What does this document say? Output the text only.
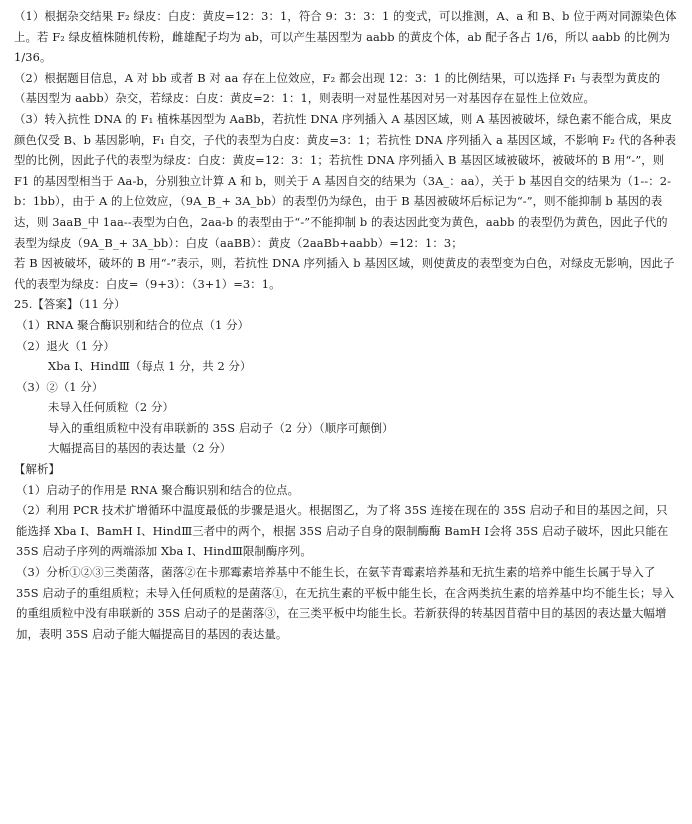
（1）根据杂交结果 F₂ 绿皮：白皮：黄皮=12：3：1，符合 9：3：3：1 的变式，可以推测，A、a 和 B、b 位于两对同源染色体上。若 F₂ 绿皮植株随机传粉，雌雄配子均为 ab，可以产生基因型为 aabb 的黄皮个体，ab 配子各占 1/6，所以 aabb 的比例为 1/36。

（2）根据题目信息，A 对 bb 或者 B 对 aa 存在上位效应，F₂ 都会出现 12：3：1 的比例结果，可以选择 F₁ 与表型为黄皮的（基因型为 aabb）杂交，若绿皮：白皮：黄皮=2：1：1，则表明一对显性基因对另一对基因存在显性上位效应。

（3）转入抗性 DNA 的 F₁ 植株基因型为 AaBb，若抗性 DNA 序列插入 A 基因区域，则 A 基因被破坏，绿色素不能合成，果皮颜色仅受 B、b 基因影响，F₁ 自交，子代的表型为白皮：黄皮=3：1；若抗性 DNA 序列插入 a 基因区域，不影响 F₂ 代的各种表型的比例，因此子代的表型为绿皮：白皮：黄皮=12：3：1；若抗性 DNA 序列插入 B 基因区域被破坏，被破坏的 B 用“-”，则 F1 的基因型相当于 Aa-b，分别独立计算 A 和 b，则关于 A 基因自交的结果为（3A_：aa），关于 b 基因自交的结果为（1--：2-b：1bb），由于 A 的上位效应，（9A_B_+ 3A_bb）的表型仍为绿色，由于 B 基因被破坏后标记为“-”，则不能抑制 b 基因的表达，则 3aaB_中 1aa--表型为白色，2aa-b 的表型由于“-”不能抑制 b 的表达因此变为黄色，aabb 的表型仍为黄色，因此子代的表型为绿皮（9A_B_+ 3A_bb）：白皮（aaBB）：黄皮（2aaBb+aabb）=12：1：3；

若 B 因被破坏，破坏的 B 用“-”表示，则，若抗性 DNA 序列插入 b 基因区域，则使黄皮的表型变为白色，对绿皮无影响，因此子代的表型为绿皮：白皮=（9+3）：（3+1）=3：1。

25.【答案】（11 分）

（1）RNA 聚合酶识别和结合的位点（1 分）

（2）退火（1 分）

Xba Ⅰ、HindⅢ（每点 1 分，共 2 分）

（3）②（1 分）

未导入任何质粒（2 分）

导入的重组质粒中没有串联新的 35S 启动子（2 分）（顺序可颠倒）

大幅提高目的基因的表达量（2 分）

【解析】

（1）启动子的作用是 RNA 聚合酶识别和结合的位点。

（2）利用 PCR 技术扩增循环中温度最低的步骤是退火。根据图乙，为了将 35S 连接在现在的 35S 启动子和目的基因之间，只能选择 Xba Ⅰ、BamH Ⅰ、HindⅢ三者中的两个，根据 35S 启动子自身的限制酶酶 BamH Ⅰ会将 35S 启动子破坏，因此只能在 35S 启动子序列的两端添加 Xba Ⅰ、HindⅢ限制酶序列。

（3）分析①②③三类菌落，菌落②在卡那霉素培养基中不能生长，在氨苄青霉素培养基和无抗生素的培养中能生长属于导入了 35S 启动子的重组质粒；未导入任何质粒的是菌落①，在无抗生素的平板中能生长，在含两类抗生素的培养基中均不能生长；导入的重组质粒中没有串联新的 35S 启动子的是菌落③，在三类平板中均能生长。若新获得的转基因苜蓿中目的基因的表达量大幅增加，表明 35S 启动子能大幅提高目的基因的表达量。
